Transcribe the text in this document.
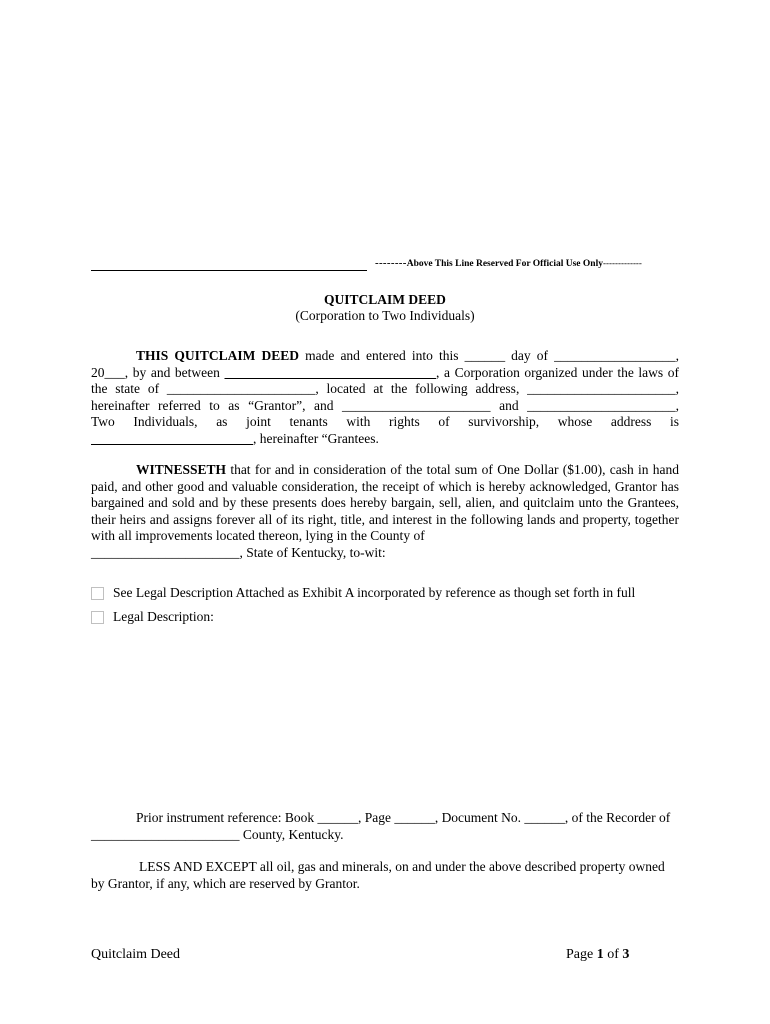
--------Above This Line Reserved For Official Use Only-------------
QUITCLAIM DEED
(Corporation to Two Individuals)
THIS QUITCLAIM DEED made and entered into this ______ day of __________________,
20___, by and between	, a Corporation organized under the laws of
the state of ______________________, located at the following address, ______________________,
hereinafter referred to as “Grantor”, and ______________________ and ______________________,
Two Individuals, as joint tenants with rights of survivorship, whose address is
, hereinafter “Grantees.

WITNESSETH that for and in consideration of the total sum of One Dollar ($1.00), cash in hand paid, and other good and valuable consideration, the receipt of which is hereby acknowledged, Grantor has bargained and sold and by these presents does hereby bargain, sell, alien, and quitclaim unto the Grantees, their heirs and assigns forever all of its right, title, and interest in the following lands and property, together with all improvements located thereon, lying in the County of

______________________, State of Kentucky, to-wit:

See Legal Description Attached as Exhibit A incorporated by reference as though set forth in full
Legal Description:
Prior instrument reference: Book ______, Page ______, Document No. ______, of the Recorder of
______________________ County, Kentucky.
LESS AND EXCEPT all oil, gas and minerals, on and under the above described property owned
by Grantor, if any, which are reserved by Grantor.
Quitclaim Deed	Page 1 of 3
